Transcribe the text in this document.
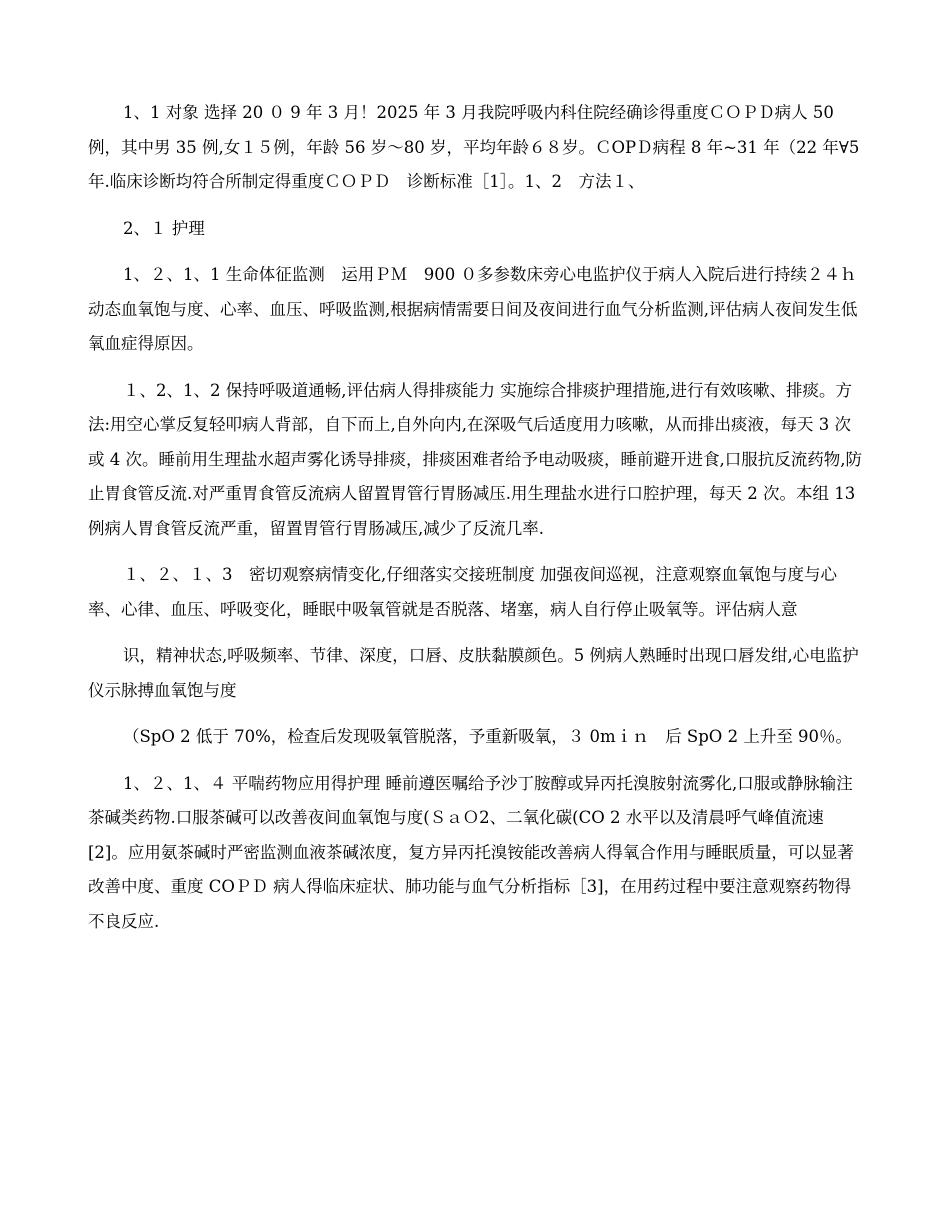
1、1 对象 选择 20 ０ 9 年 3 月！2025 年 3 月我院呼吸内科住院经确诊得重度ＣＯＰＤ病人 50 例，其中男 35 例,女１５例，年龄 56 岁～80 岁，平均年龄６８岁。ＣOPＤ病程 8 年~31 年（22 年∀5 年.临床诊断均符合所制定得重度ＣＯＰＤ　诊断标准［1］。1、2　方法１、

2、１ 护理

1、２、1、1 生命体征监测　运用ＰＭ　900 ０多参数床旁心电监护仪于病人入院后进行持续２４ｈ　动态血氧饱与度、心率、血压、呼吸监测,根据病情需要日间及夜间进行血气分析监测,评估病人夜间发生低氧血症得原因。

１、2、1、2 保持呼吸道通畅,评估病人得排痰能力 实施综合排痰护理措施,进行有效咳嗽、排痰。方法:用空心掌反复轻叩病人背部，自下而上,自外向内,在深吸气后适度用力咳嗽，从而排出痰液，每天 3 次或 4 次。睡前用生理盐水超声雾化诱导排痰，排痰困难者给予电动吸痰，睡前避开进食,口服抗反流药物,防止胃食管反流.对严重胃食管反流病人留置胃管行胃肠减压.用生理盐水进行口腔护理，每天 2 次。本组 13 例病人胃食管反流严重，留置胃管行胃肠减压,减少了反流几率.

１、２、１、3　密切观察病情变化,仔细落实交接班制度 加强夜间巡视，注意观察血氧饱与度与心率、心律、血压、呼吸变化，睡眠中吸氧管就是否脱落、堵塞，病人自行停止吸氧等。评估病人意

识，精神状态,呼吸频率、节律、深度，口唇、皮肤黏膜颜色。5 例病人熟睡时出现口唇发绀,心电监护仪示脉搏血氧饱与度

（SpO 2 低于 70%，检查后发现吸氧管脱落，予重新吸氧，３ 0mｉｎ　后 SpO 2 上升至 90％。

1、２、1、４ 平喘药物应用得护理 睡前遵医嘱给予沙丁胺醇或异丙托溴胺射流雾化,口服或静脉输注茶碱类药物.口服茶碱可以改善夜间血氧饱与度(ＳａＯ2、二氧化碳(CO 2 水平以及清晨呼气峰值流速[2]。应用氨茶碱时严密监测血液茶碱浓度，复方异丙托溴铵能改善病人得氧合作用与睡眠质量，可以显著改善中度、重度 COＰＤ 病人得临床症状、肺功能与血气分析指标［3]，在用药过程中要注意观察药物得不良反应.
